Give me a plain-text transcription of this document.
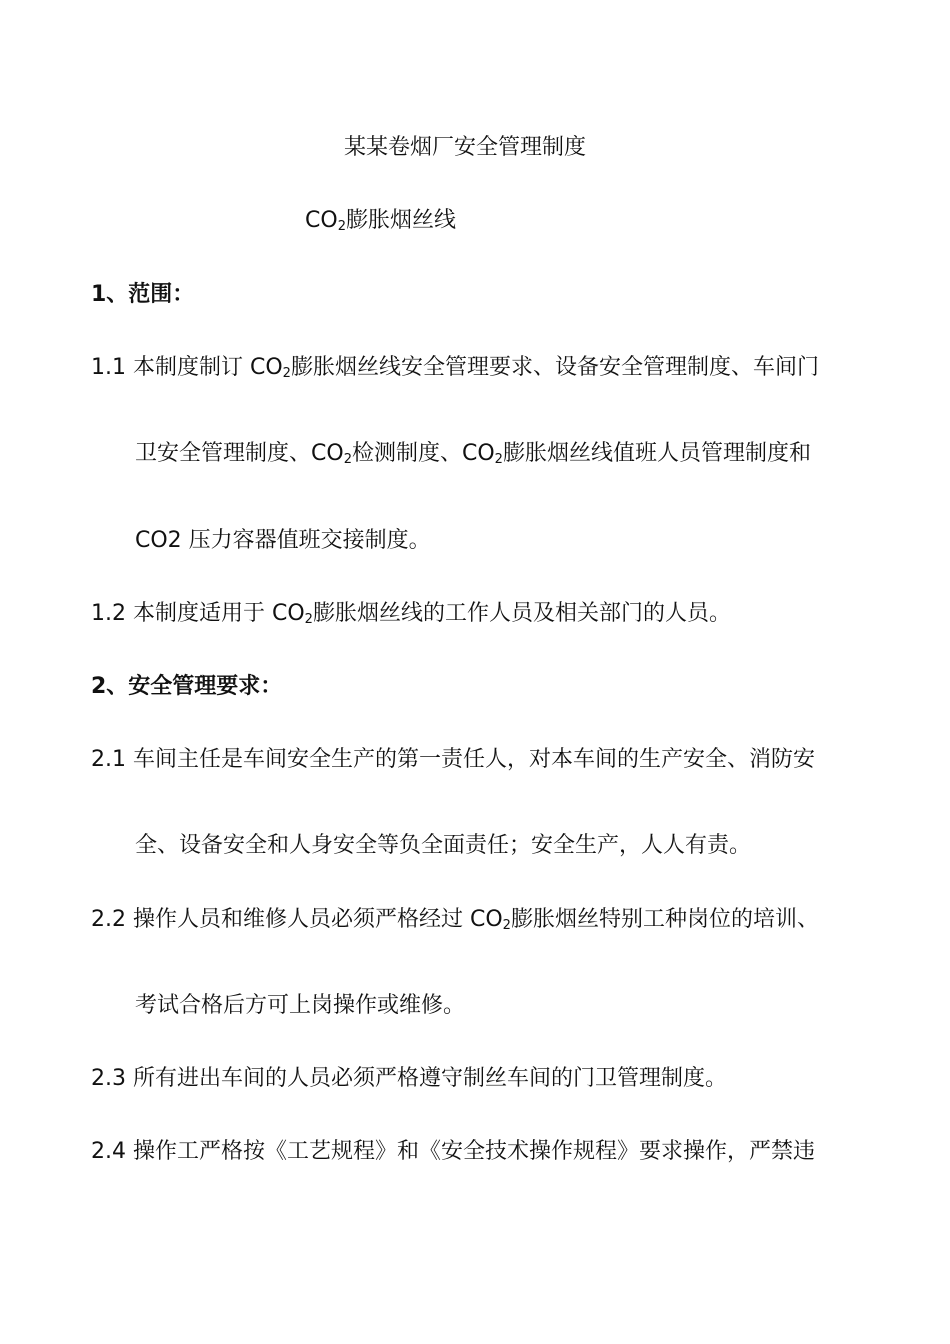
某某卷烟厂安全管理制度
$CO_2$膨胀烟丝线
1、范围：
1.1 本制度制订 $CO_2$膨胀烟丝线安全管理要求、设备安全管理制度、车间门
卫安全管理制度、$CO_2$检测制度、$CO_2$膨胀烟丝线值班人员管理制度和
CO2 压力容器值班交接制度。
1.2 本制度适用于 $CO_2$膨胀烟丝线的工作人员及相关部门的人员。
2、安全管理要求：
2.1 车间主任是车间安全生产的第一责任人，对本车间的生产安全、消防安
全、设备安全和人身安全等负全面责任；安全生产，人人有责。
2.2 操作人员和维修人员必须严格经过 $CO_2$膨胀烟丝特别工种岗位的培训、
考试合格后方可上岗操作或维修。
2.3 所有进出车间的人员必须严格遵守制丝车间的门卫管理制度。
2.4 操作工严格按《工艺规程》和《安全技术操作规程》要求操作，严禁违
